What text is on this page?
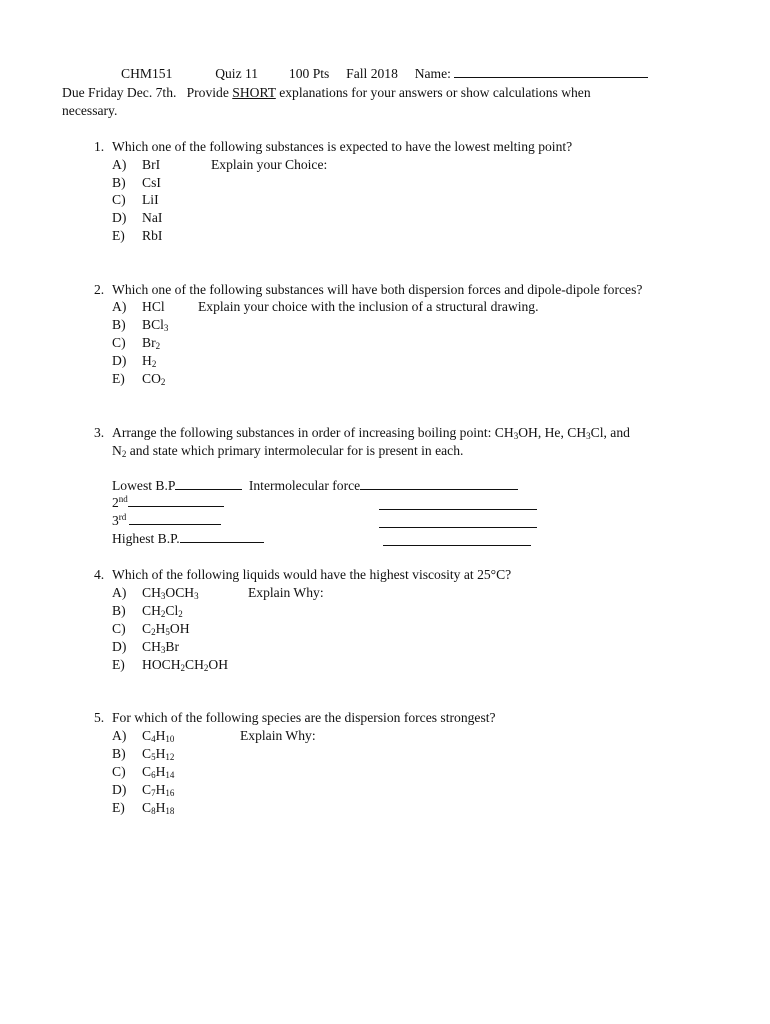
CHM151	Quiz 11 100 Pts Fall 2018 Name:
Due Friday Dec. 7th.   Provide SHORT explanations for your answers or show calculations when
necessary.
1. Which one of the following substances is expected to have the lowest melting point?
A) BrI	Explain your Choice:
B) CsI
C) LiI
D) NaI
E) RbI
2. Which one of the following substances will have both dispersion forces and dipole-dipole forces?
A) HCl Explain your choice with the inclusion of a structural drawing.
B) BCl$_3$
C) $Br_2$
D) $H_2$
E) $CO_2$
3. Arrange the following substances in order of increasing boiling point: $CH_3OH$, He, $CH_3Cl$, and
$N_2$ and state which primary intermolecular for is present in each.
Lowest B.P	Intermolecular force
2nd
3rd
Highest B.P.
4. Which of the following liquids would have the highest viscosity at 25°C?
A) $CH_3OCH_3$	Explain Why:
B) $CH_2Cl_2$
C) $C_2H_5OH$
D) $CH_3Br$
E) $HOCH_2CH_2OH$
5. For which of the following species are the dispersion forces strongest?
A) $C_4H_{10}$	Explain Why:
B) $C_5H_{12}$
C) $C_6H_{14}$
D) $C_7H_{16}$
E) $C_8H_{18}$
